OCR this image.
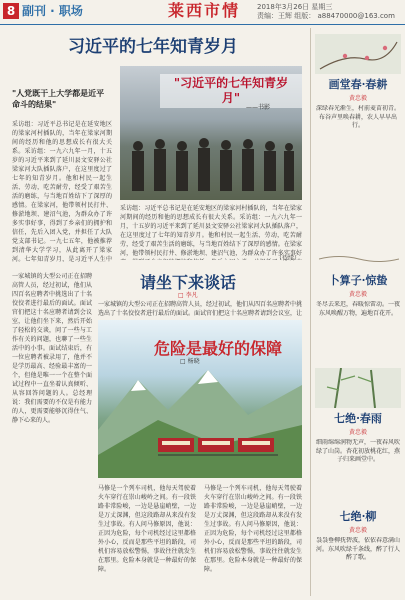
8 副刊 · 职场	莱西市情 2018年3月26日 星期三
责编：王辉 组版： a88470000@163.com
习近平的七年知青岁月
"人党既干上大学都是近平命斗的结果"
"习近平的七年知青岁月"
——书影
采访组：习近平总书记是在延安地区的梁家河村插队的，当年在梁家河期间的经历和他的思想成长有很大关系。采访组：一九六九年一月，十五岁的习近平来到了延川县文安驿公社梁家河大队插队落户，在这里度过了七年的知青岁月。他和村民一起生活、劳动，吃苦耐劳，经受了艰苦生活的磨练，与当地百姓结下了深厚的感情。在梁家河，他带领村民打井、修淤地坝、建沼气池，为群众办了许多实事好事，得到了乡亲们的拥护和信任，先后入团入党，并担任了大队党支部书记。一九七五年，他被推荐到清华大学学习，从此离开了梁家河。七年知青岁月，是习近平人生中
采访组：习近平总书记是在延安地区的梁家河村插队的，当年在梁家河期间的经历和他的思想成长有很大关系。采访组：一九六九年一月，十五岁的习近平来到了延川县文安驿公社梁家河大队插队落户，在这里度过了七年的知青岁月。他和村民一起生活、劳动，吃苦耐劳，经受了艰苦生活的磨练，与当地百姓结下了深厚的感情。在梁家河，他带领村民打井、修淤地坝、建沼气池，为群众办了许多实事好
（待续）
一家城镇的大型公司正在招聘高管人员，经过初试，他们从四百名应聘者中挑选出了十名佼佼者进行最后的面试。面试官们把这十名应聘者请到会议室，让他们坐下来，然后开始了轻松的交谈，问了一些与工作有关的问题，也聊了一些生活中的小事。面试结束后，有一位应聘者被录用了，他并不是学历最高、经验最丰富的一个，但他是唯一一个在整个面试过程中一直坐着认真倾听、从容回答问题的人。总经理说：我们需要的不仅是有能力的人，更需要能够沉得住气、静下心来的人。
请坐下来谈话
□ 李凡
一家城镇的大型公司正在招聘高管人员，经过初试，他们从四百名应聘者中挑选出了十名佼佼者进行最后的面试。面试官们把这十名应聘者请到会议室，让
危险是最好的保障
□ 杨晓
马修是一个列车司机，他每天驾驶着火车穿行在崇山峻岭之间。有一段铁路非常险峻，一边是悬崖峭壁，一边是万丈深渊，但这段路却从来没有发生过事故。有人问马修原因，他说：正因为危险，每个司机经过这里都格外小心，反而是那些平坦的路段，司机们容易放松警惕，事故往往就发生在那里。危险本身就是一种最好的保障。
马修是一个列车司机，他每天驾驶着火车穿行在崇山峻岭之间。有一段铁路非常险峻，一边是悬崖峭壁，一边是万丈深渊，但这段路却从来没有发生过事故。有人问马修原因，他说：正因为危险，每个司机经过这里都格外小心，反而是那些平坦的路段，司机们容易放松警惕，事故往往就发生在那里。危险本身就是一种最好的保障。
画堂春·春耕
黄忠毅
深绿春光渐生，村前麦苗初青。布谷声里唤春耕，农人早早出行。
卜算子·惊蛰
黄忠毅
冬尽去来迟，春暖惊雷动。一夜东风唤醒万物，遍地百花开。
七绝·春雨
黄忠毅
细雨绵绵润物无声，一夜春风吹绿了山岗。杏花初放桃花红，燕子归来画堂中。
七绝·柳
黄忠毅
袅袅垂柳抚碧波，依依春意满山河。东风吹绿千条线，醉了行人醉了歌。
